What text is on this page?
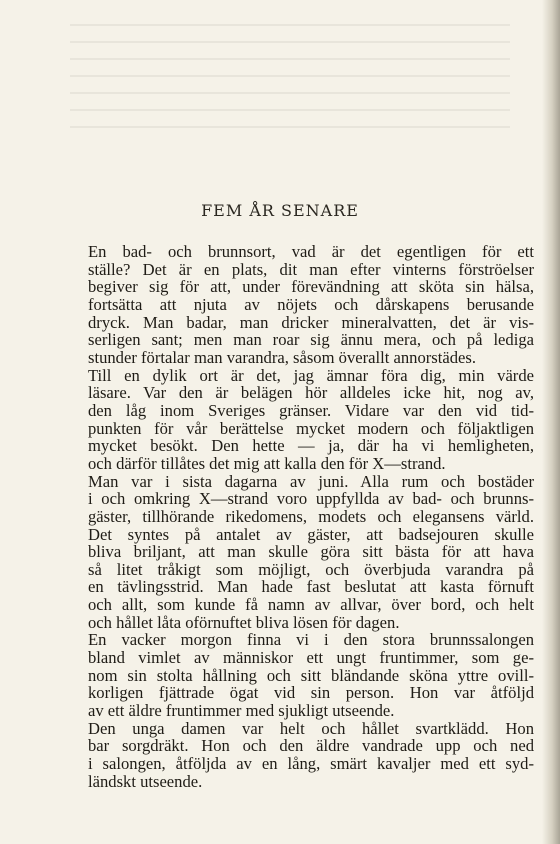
FEM ÅR SENARE
En bad- och brunnsort, vad är det egentligen för ett
ställe? Det är en plats, dit man efter vinterns förströelser
begiver sig för att, under förevändning att sköta sin hälsa,
fortsätta att njuta av nöjets och dårskapens berusande
dryck. Man badar, man dricker mineralvatten, det är vis-
serligen sant; men man roar sig ännu mera, och på lediga
stunder förtalar man varandra, såsom överallt annorstädes.
Till en dylik ort är det, jag ämnar föra dig, min värde
läsare. Var den är belägen hör alldeles icke hit, nog av,
den låg inom Sveriges gränser. Vidare var den vid tid-
punkten för vår berättelse mycket modern och följaktligen
mycket besökt. Den hette — ja, där ha vi hemligheten,
och därför tillåtes det mig att kalla den för X—strand.
Man var i sista dagarna av juni. Alla rum och bostäder
i och omkring X—strand voro uppfyllda av bad- och brunns-
gäster, tillhörande rikedomens, modets och elegansens värld.
Det syntes på antalet av gäster, att badsejouren skulle
bliva briljant, att man skulle göra sitt bästa för att hava
så litet tråkigt som möjligt, och överbjuda varandra på
en tävlingsstrid. Man hade fast beslutat att kasta förnuft
och allt, som kunde få namn av allvar, över bord, och helt
och hållet låta oförnuftet bliva lösen för dagen.
En vacker morgon finna vi i den stora brunnssalongen
bland vimlet av människor ett ungt fruntimmer, som ge-
nom sin stolta hållning och sitt bländande sköna yttre ovill-
korligen fjättrade ögat vid sin person. Hon var åtföljd
av ett äldre fruntimmer med sjukligt utseende.
Den unga damen var helt och hållet svartklädd. Hon
bar sorgdräkt. Hon och den äldre vandrade upp och ned
i salongen, åtföljda av en lång, smärt kavaljer med ett syd-
ländskt utseende.
